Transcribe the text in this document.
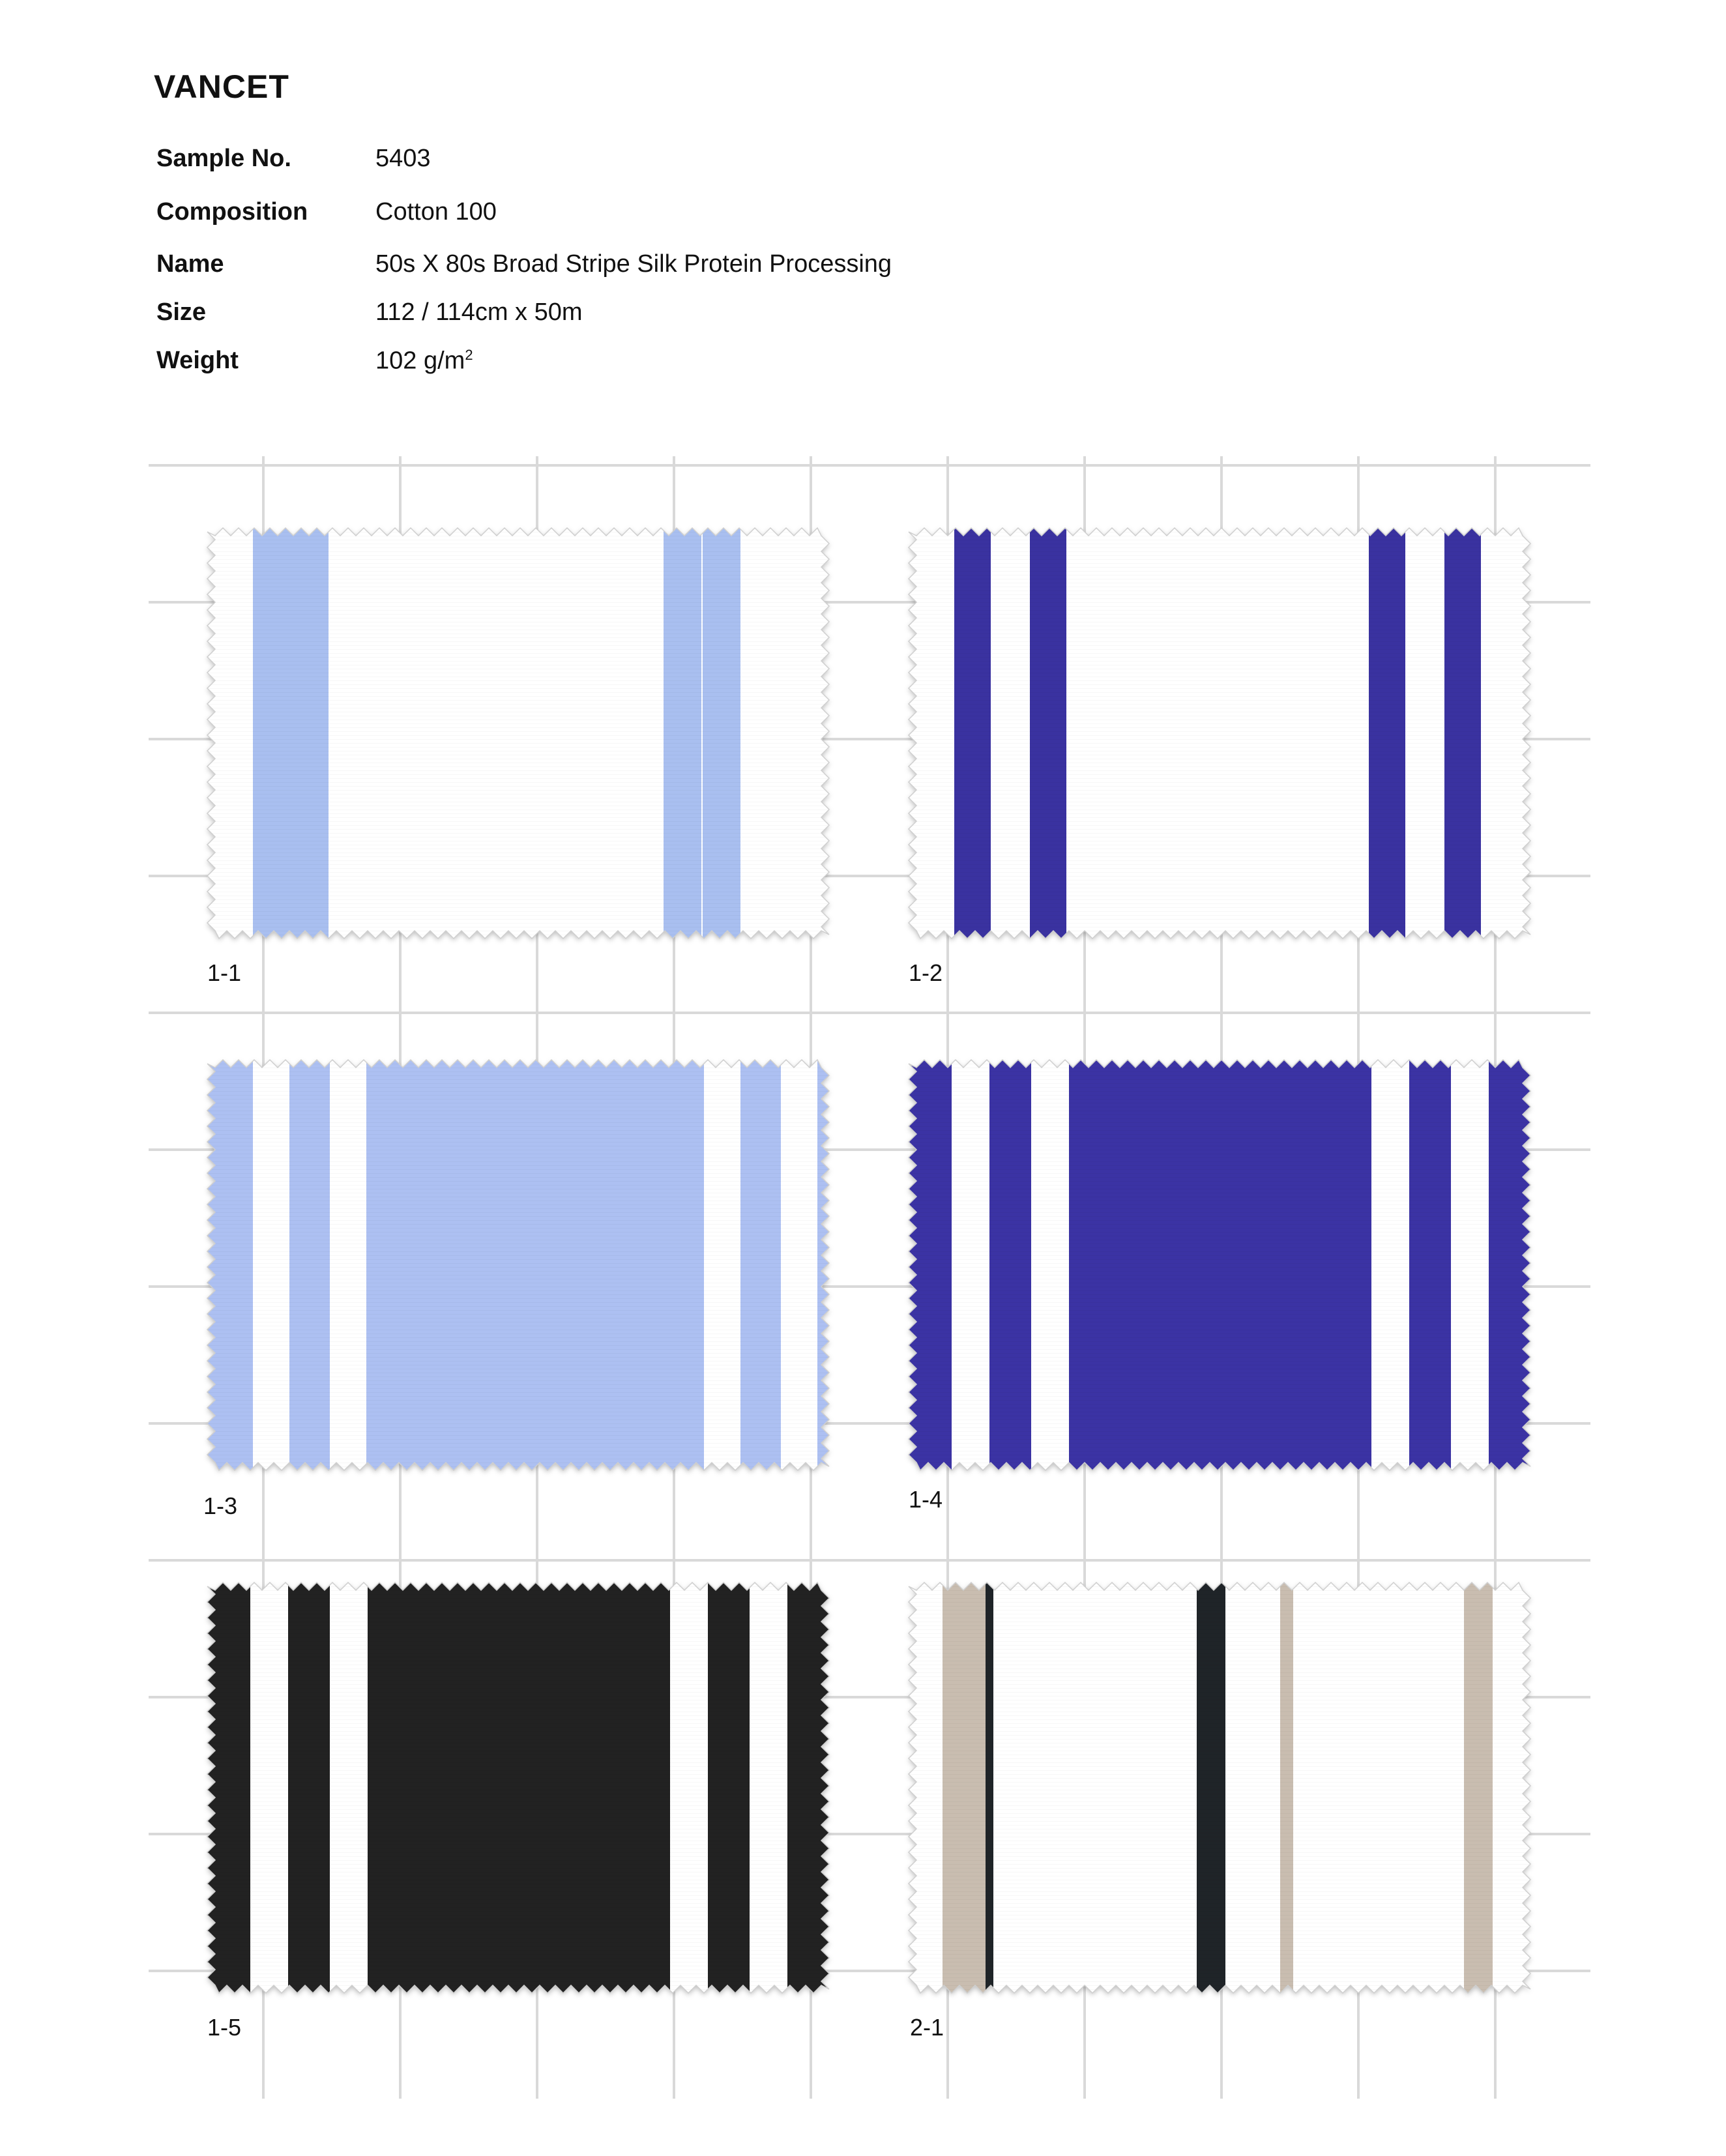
VANCET
Sample No.	5403
Composition	Cotton 100
Name	50s X 80s Broad Stripe Silk Protein Processing
Size	112 / 114cm x 50m
Weight	102 $g/m^2$
1-1	1-2
1-3	1-4
1-5	2-1
